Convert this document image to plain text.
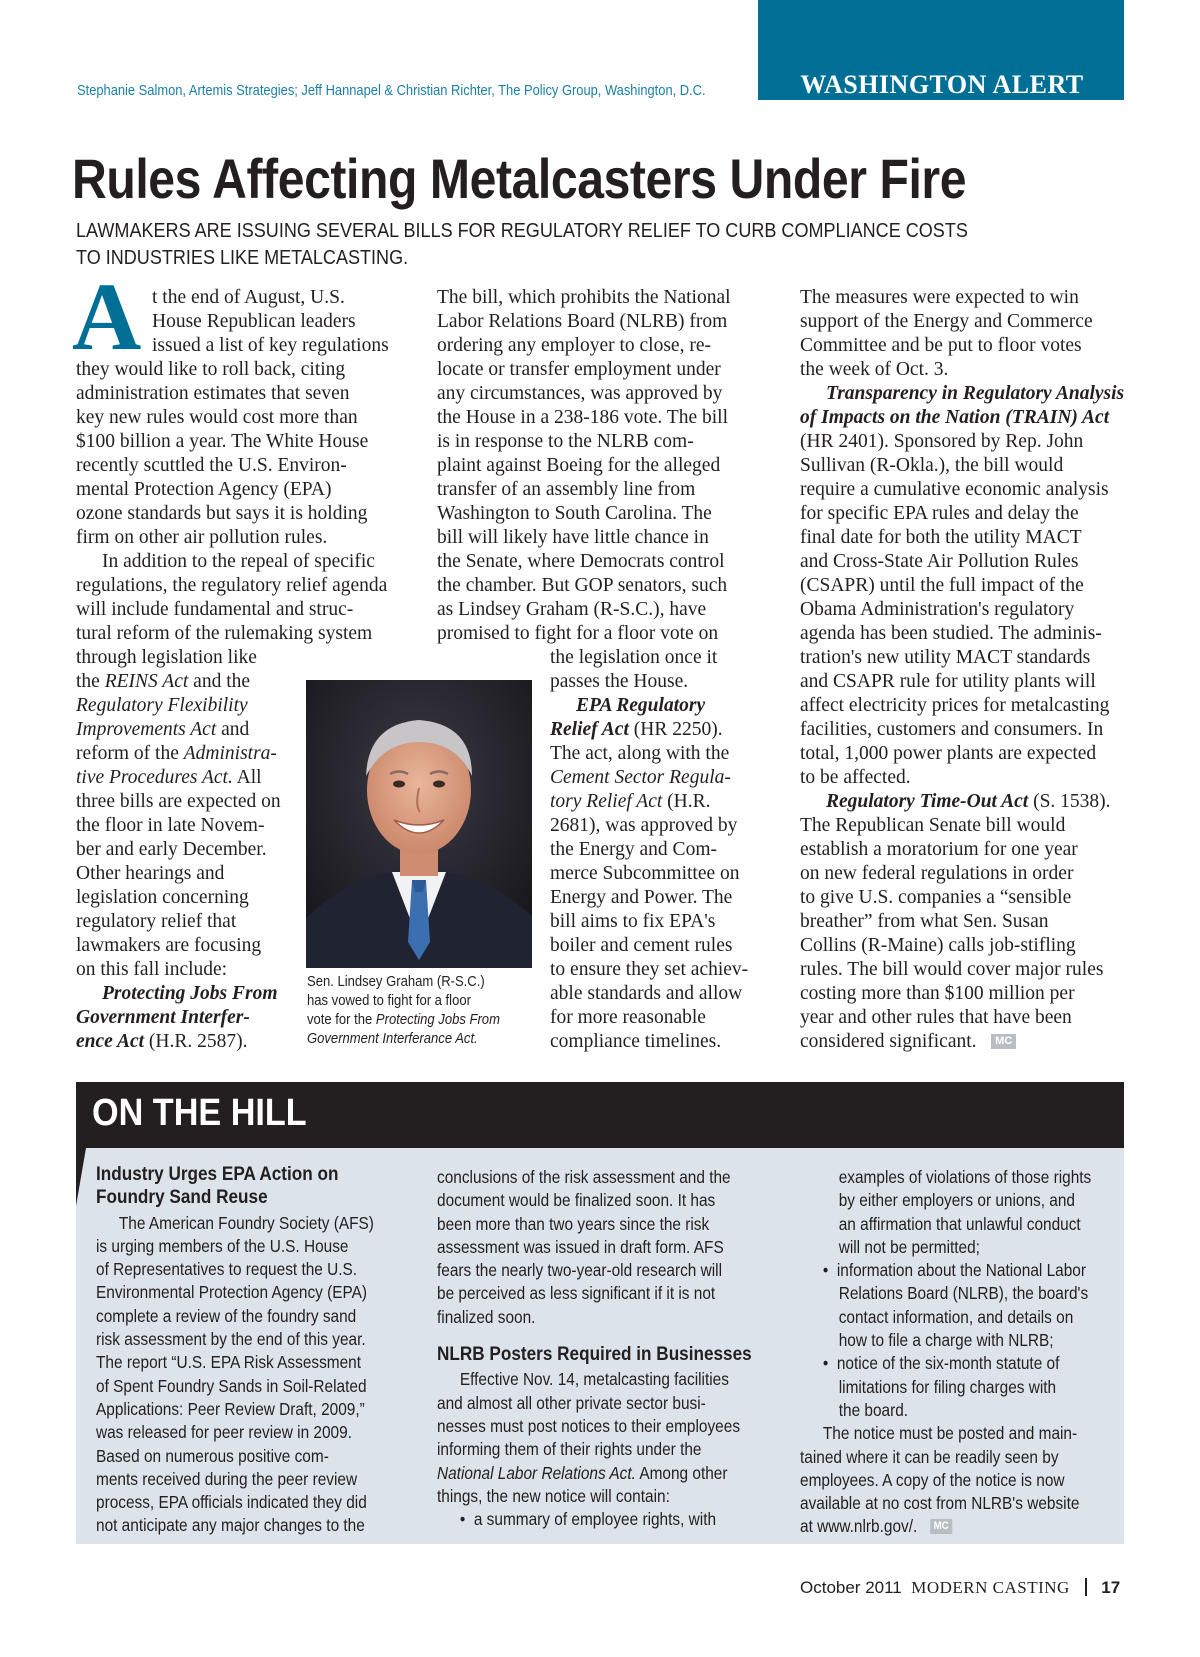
WASHINGTON ALERT
Stephanie Salmon, Artemis Strategies; Jeff Hannapel & Christian Richter, The Policy Group, Washington, D.C.
Rules Affecting Metalcasters Under Fire
LAWMAKERS ARE ISSUING SEVERAL BILLS FOR REGULATORY RELIEF TO CURB COMPLIANCE COSTS
TO INDUSTRIES LIKE METALCASTING.
A t the end of August, U.S.
House Republican leaders
issued a list of key regulations
they would like to roll back, citing
administration estimates that seven
key new rules would cost more than
$100 billion a year. The White House
recently scuttled the U.S. Environ-
mental Protection Agency (EPA)
ozone standards but says it is holding
firm on other air pollution rules.
In addition to the repeal of specific
regulations, the regulatory relief agenda
will include fundamental and struc-
tural reform of the rulemaking system
through legislation like
the REINS Act and the
Regulatory Flexibility
Improvements Act and
reform of the Administra-
tive Procedures Act. All
three bills are expected on
the floor in late Novem-
ber and early December.
Other hearings and
legislation concerning
regulatory relief that
lawmakers are focusing
on this fall include:
Protecting Jobs From
Government Interfer-
ence Act (H.R. 2587).
Sen. Lindsey Graham (R-S.C.)
has vowed to fight for a floor
vote for the Protecting Jobs From
Government Interferance Act.
The bill, which prohibits the National
Labor Relations Board (NLRB) from
ordering any employer to close, re-
locate or transfer employment under
any circumstances, was approved by
the House in a 238-186 vote. The bill
is in response to the NLRB com-
plaint against Boeing for the alleged
transfer of an assembly line from
Washington to South Carolina. The
bill will likely have little chance in
the Senate, where Democrats control
the chamber. But GOP senators, such
as Lindsey Graham (R-S.C.), have
promised to fight for a floor vote on
the legislation once it
passes the House.
EPA Regulatory
Relief Act (HR 2250).
The act, along with the
Cement Sector Regula-
tory Relief Act (H.R.
2681), was approved by
the Energy and Com-
merce Subcommittee on
Energy and Power. The
bill aims to fix EPA's
boiler and cement rules
to ensure they set achiev-
able standards and allow
for more reasonable
compliance timelines.
The measures were expected to win
support of the Energy and Commerce
Committee and be put to floor votes
the week of Oct. 3.
Transparency in Regulatory Analysis
of Impacts on the Nation (TRAIN) Act
(HR 2401). Sponsored by Rep. John
Sullivan (R-Okla.), the bill would
require a cumulative economic analysis
for specific EPA rules and delay the
final date for both the utility MACT
and Cross-State Air Pollution Rules
(CSAPR) until the full impact of the
Obama Administration's regulatory
agenda has been studied. The adminis-
tration's new utility MACT standards
and CSAPR rule for utility plants will
affect electricity prices for metalcasting
facilities, customers and consumers. In
total, 1,000 power plants are expected
to be affected.
Regulatory Time-Out Act (S. 1538).
The Republican Senate bill would
establish a moratorium for one year
on new federal regulations in order
to give U.S. companies a “sensible
breather” from what Sen. Susan
Collins (R-Maine) calls job-stifling
rules. The bill would cover major rules
costing more than $100 million per
year and other rules that have been
considered significant. MC
ON THE HILL
Industry Urges EPA Action on
Foundry Sand Reuse
The American Foundry Society (AFS)
is urging members of the U.S. House
of Representatives to request the U.S.
Environmental Protection Agency (EPA)
complete a review of the foundry sand
risk assessment by the end of this year.
The report “U.S. EPA Risk Assessment
of Spent Foundry Sands in Soil-Related
Applications: Peer Review Draft, 2009,”
was released for peer review in 2009.
Based on numerous positive com-
ments received during the peer review
process, EPA officials indicated they did
not anticipate any major changes to the
conclusions of the risk assessment and the
document would be finalized soon. It has
been more than two years since the risk
assessment was issued in draft form. AFS
fears the nearly two-year-old research will
be perceived as less significant if it is not
finalized soon.
NLRB Posters Required in Businesses
Effective Nov. 14, metalcasting facilities
and almost all other private sector busi-
nesses must post notices to their employees
informing them of their rights under the
National Labor Relations Act. Among other
things, the new notice will contain:
•  a summary of employee rights, with
examples of violations of those rights
by either employers or unions, and
an affirmation that unlawful conduct
will not be permitted;
•  information about the National Labor
Relations Board (NLRB), the board's
contact information, and details on
how to file a charge with NLRB;
•  notice of the six-month statute of
limitations for filing charges with
the board.
The notice must be posted and main-
tained where it can be readily seen by
employees. A copy of the notice is now
available at no cost from NLRB's website
at www.nlrb.gov/. MC
October 2011 MODERN CASTING 17
